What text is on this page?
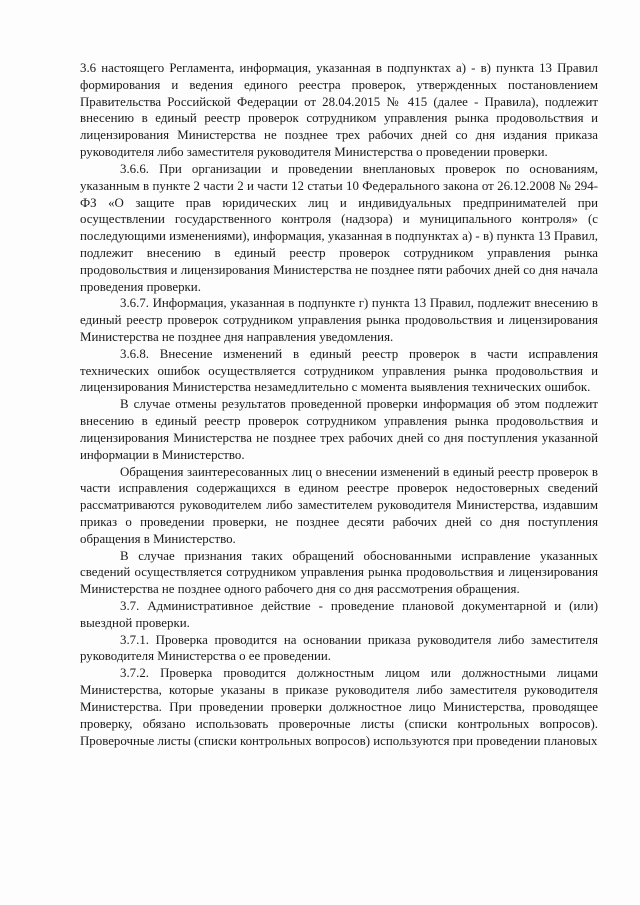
3.6 настоящего Регламента, информация, указанная в подпунктах а) - в) пункта 13 Правил формирования и ведения единого реестра проверок, утвержденных постановлением Правительства Российской Федерации от 28.04.2015 № 415 (далее - Правила), подлежит внесению в единый реестр проверок сотрудником управления рынка продовольствия и лицензирования Министерства не позднее трех рабочих дней со дня издания приказа руководителя либо заместителя руководителя Министерства о проведении проверки.

3.6.6. При организации и проведении внеплановых проверок по основаниям, указанным в пункте 2 части 2 и части 12 статьи 10 Федерального закона от 26.12.2008 № 294-ФЗ «О защите прав юридических лиц и индивидуальных предпринимателей при осуществлении государственного контроля (надзора) и муниципального контроля» (с последующими изменениями), информация, указанная в подпунктах а) - в) пункта 13 Правил, подлежит внесению в единый реестр проверок сотрудником управления рынка продовольствия и лицензирования Министерства не позднее пяти рабочих дней со дня начала проведения проверки.

3.6.7. Информация, указанная в подпункте г) пункта 13 Правил, подлежит внесению в единый реестр проверок сотрудником управления рынка продовольствия и лицензирования Министерства не позднее дня направления уведомления.

3.6.8. Внесение изменений в единый реестр проверок в части исправления технических ошибок осуществляется сотрудником управления рынка продовольствия и лицензирования Министерства незамедлительно с момента выявления технических ошибок.

В случае отмены результатов проведенной проверки информация об этом подлежит внесению в единый реестр проверок сотрудником управления рынка продовольствия и лицензирования Министерства не позднее трех рабочих дней со дня поступления указанной информации в Министерство.

Обращения заинтересованных лиц о внесении изменений в единый реестр проверок в части исправления содержащихся в едином реестре проверок недостоверных сведений рассматриваются руководителем либо заместителем руководителя Министерства, издавшим приказ о проведении проверки, не позднее десяти рабочих дней со дня поступления обращения в Министерство.

В случае признания таких обращений обоснованными исправление указанных сведений осуществляется сотрудником управления рынка продовольствия и лицензирования Министерства не позднее одного рабочего дня со дня рассмотрения обращения.

3.7. Административное действие - проведение плановой документарной и (или) выездной проверки.

3.7.1. Проверка проводится на основании приказа руководителя либо заместителя руководителя Министерства о ее проведении.

3.7.2. Проверка проводится должностным лицом или должностными лицами Министерства, которые указаны в приказе руководителя либо заместителя руководителя Министерства. При проведении проверки должностное лицо Министерства, проводящее проверку, обязано использовать проверочные листы (списки контрольных вопросов). Проверочные листы (списки контрольных вопросов) используются при проведении плановых
